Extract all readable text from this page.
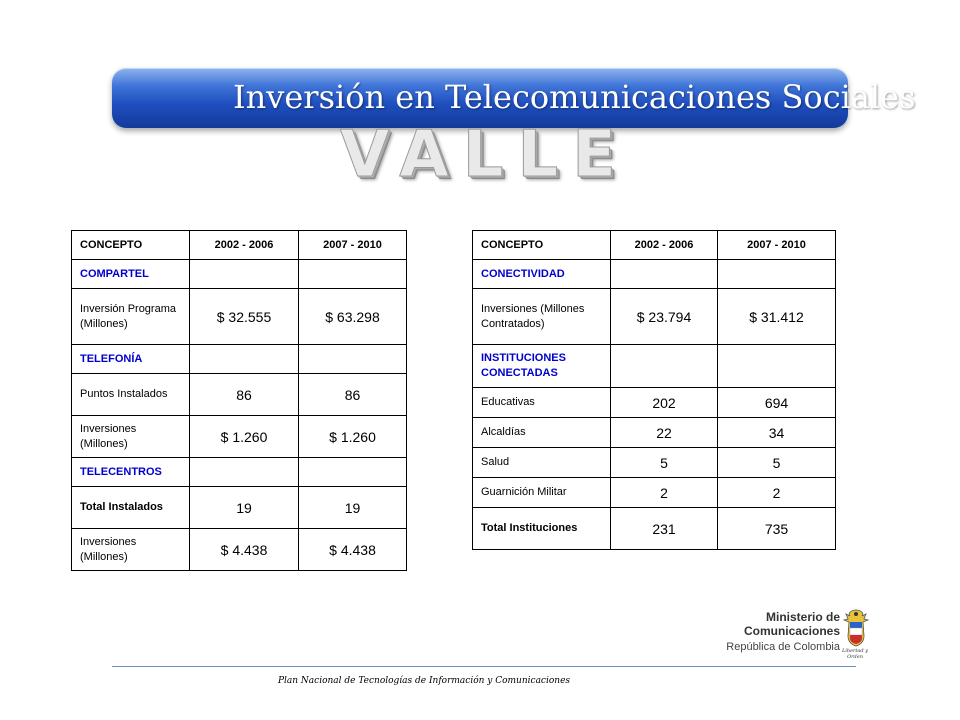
Inversión en Telecomunicaciones Sociales
VALLE
CONCEPTO	2002 - 2006	2007 - 2010
COMPARTEL		
Inversión Programa (Millones)	$ 32.555	$ 63.298
TELEFONÍA		
Puntos Instalados	86	86
Inversiones (Millones)	$ 1.260	$ 1.260
TELECENTROS		
Total Instalados	19	19
Inversiones (Millones)	$ 4.438	$ 4.438
CONCEPTO	2002 - 2006	2007 - 2010
CONECTIVIDAD		
Inversiones (Millones Contratados)	$ 23.794	$ 31.412
INSTITUCIONES CONECTADAS		
Educativas	202	694
Alcaldías	22	34
Salud	5	5
Guarnición Militar	2	2
Total Instituciones	231	735
Ministerio de
Comunicaciones
República de Colombia Libertad y Orden
Plan Nacional de Tecnologías de Información y Comunicaciones
